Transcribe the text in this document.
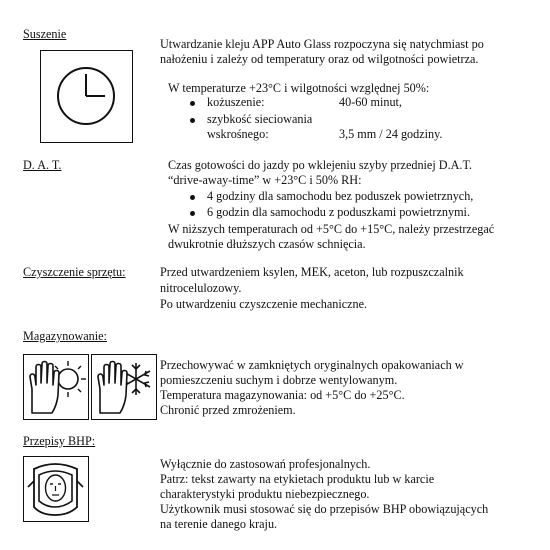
Suszenie
Utwardzanie kleju APP Auto Glass rozpoczyna się natychmiast po
nałożeniu i zależy od temperatury oraz od wilgotności powietrza.
W temperaturze +23°C i wilgotności względnej 50%:
kożuszenie:	40-60 minut,
szybkość sieciowania
wskrośnego:	3,5 mm / 24 godziny.
D. A. T.	Czas gotowości do jazdy po wklejeniu szyby przedniej D.A.T.
“drive-away-time” w +23°C i 50% RH:
4 godziny dla samochodu bez poduszek powietrznych,
6 godzin dla samochodu z poduszkami powietrznymi.
W niższych temperaturach od +5°C do +15°C, należy przestrzegać
dwukrotnie dłuższych czasów schnięcia.
Czyszczenie sprzętu:	Przed utwardzeniem ksylen, MEK, aceton, lub rozpuszczalnik
nitrocelulozowy.
Po utwardzeniu czyszczenie mechaniczne.
Magazynowanie:
Przechowywać w zamkniętych oryginalnych opakowaniach w
pomieszczeniu suchym i dobrze wentylowanym.
Temperatura magazynowania: od +5°C do +25°C.
Chronić przed zmrożeniem.
Przepisy BHP:
Wyłącznie do zastosowań profesjonalnych.
Patrz: tekst zawarty na etykietach produktu lub w karcie
charakterystyki produktu niebezpiecznego.
Użytkownik musi stosować się do przepisów BHP obowiązujących
na terenie danego kraju.
